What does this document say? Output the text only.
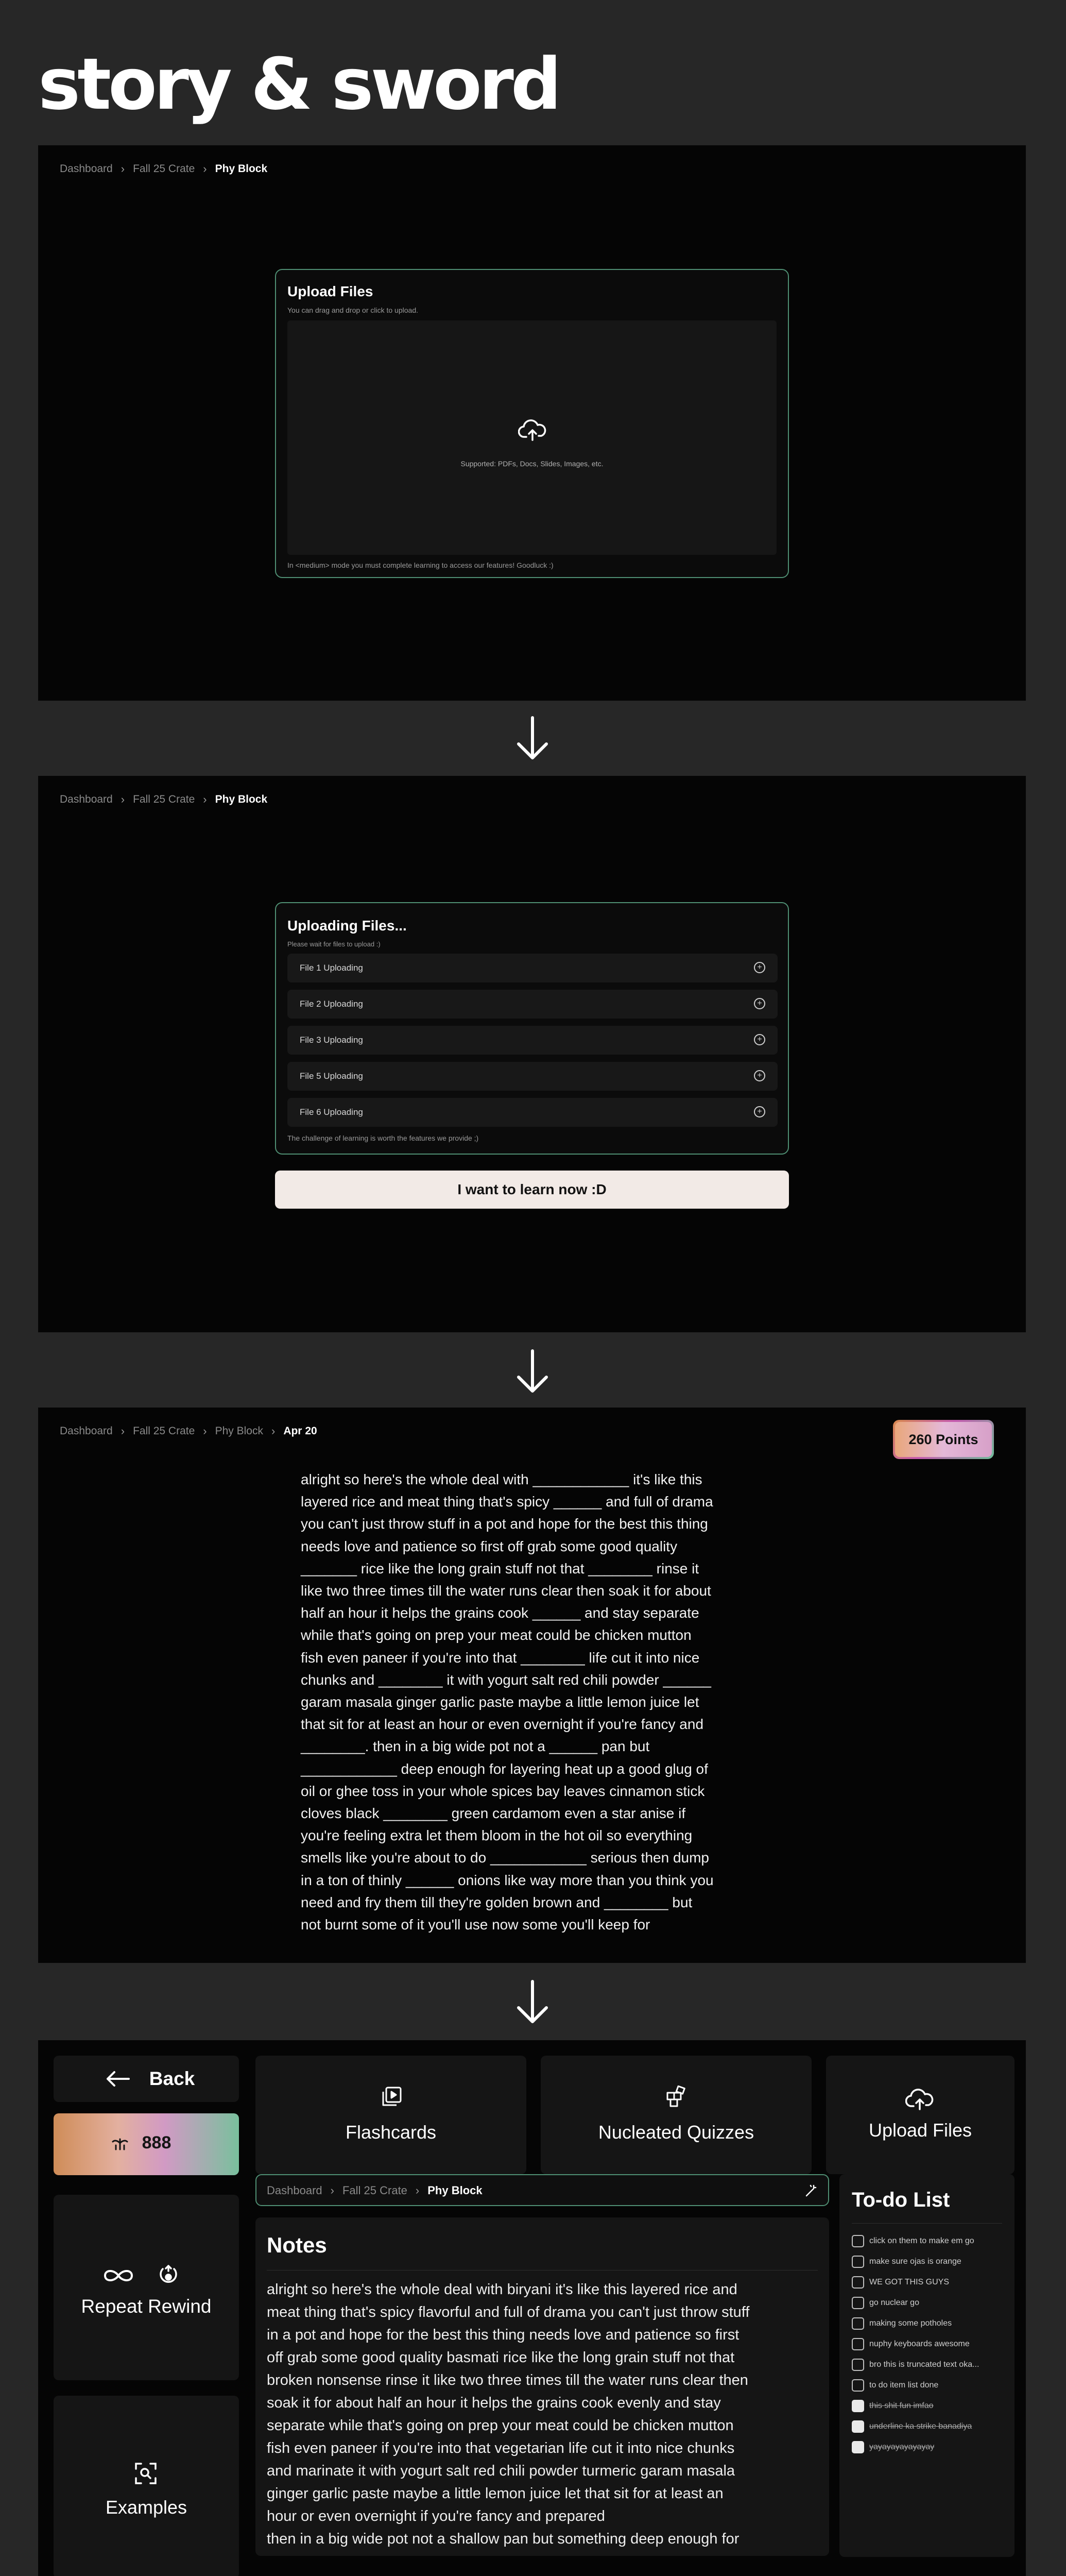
story & sword
Dashboard › Fall 25 Crate › Phy Block
Upload Files
You can drag and drop or click to upload.
Supported: PDFs, Docs, Slides, Images, etc.
In <medium> mode you must complete learning to access our features! Goodluck :)
Dashboard › Fall 25 Crate › Phy Block
Uploading Files...
Please wait for files to upload :)
File 1 Uploading	+
File 2 Uploading	+
File 3 Uploading	+
File 5 Uploading	+
File 6 Uploading	+
The challenge of learning is worth the features we provide ;)
I want to learn now :D
Dashboard › Fall 25 Crate › Phy Block › Apr 20
260 Points
alright so here's the whole deal with ____________ it's like this
layered rice and meat thing that's spicy ______ and full of drama
you can't just throw stuff in a pot and hope for the best this thing
needs love and patience so first off grab some good quality
_______ rice like the long grain stuff not that ________ rinse it
like two three times till the water runs clear then soak it for about
half an hour it helps the grains cook ______ and stay separate
while that's going on prep your meat could be chicken mutton
fish even paneer if you're into that ________ life cut it into nice
chunks and ________ it with yogurt salt red chili powder ______
garam masala ginger garlic paste maybe a little lemon juice let
that sit for at least an hour or even overnight if you're fancy and
________. then in a big wide pot not a ______ pan but
____________ deep enough for layering heat up a good glug of
oil or ghee toss in your whole spices bay leaves cinnamon stick
cloves black ________ green cardamom even a star anise if
you're feeling extra let them bloom in the hot oil so everything
smells like you're about to do ____________ serious then dump
in a ton of thinly ______ onions like way more than you think you
need and fry them till they're golden brown and ________ but
not burnt some of it you'll use now some you'll keep for
Back
888	Flashcards	Nucleated Quizzes	Upload Files
Repeat Rewind
Examples
Dashboard › Fall 25 Crate › Phy Block
Notes
alright so here's the whole deal with biryani it's like this layered rice and
meat thing that's spicy flavorful and full of drama you can't just throw stuff
in a pot and hope for the best this thing needs love and patience so first
off grab some good quality basmati rice like the long grain stuff not that
broken nonsense rinse it like two three times till the water runs clear then
soak it for about half an hour it helps the grains cook evenly and stay
separate while that's going on prep your meat could be chicken mutton
fish even paneer if you're into that vegetarian life cut it into nice chunks
and marinate it with yogurt salt red chili powder turmeric garam masala
ginger garlic paste maybe a little lemon juice let that sit for at least an
hour or even overnight if you're fancy and prepared
then in a big wide pot not a shallow pan but something deep enough for
To-do List
click on them to make em go
make sure ojas is orange
WE GOT THIS GUYS
go nuclear go
making some potholes
nuphy keyboards awesome
bro this is truncated text oka...
to do item list done
this shit fun imfao
underline ka strike banadiya
yayayayayayayay
